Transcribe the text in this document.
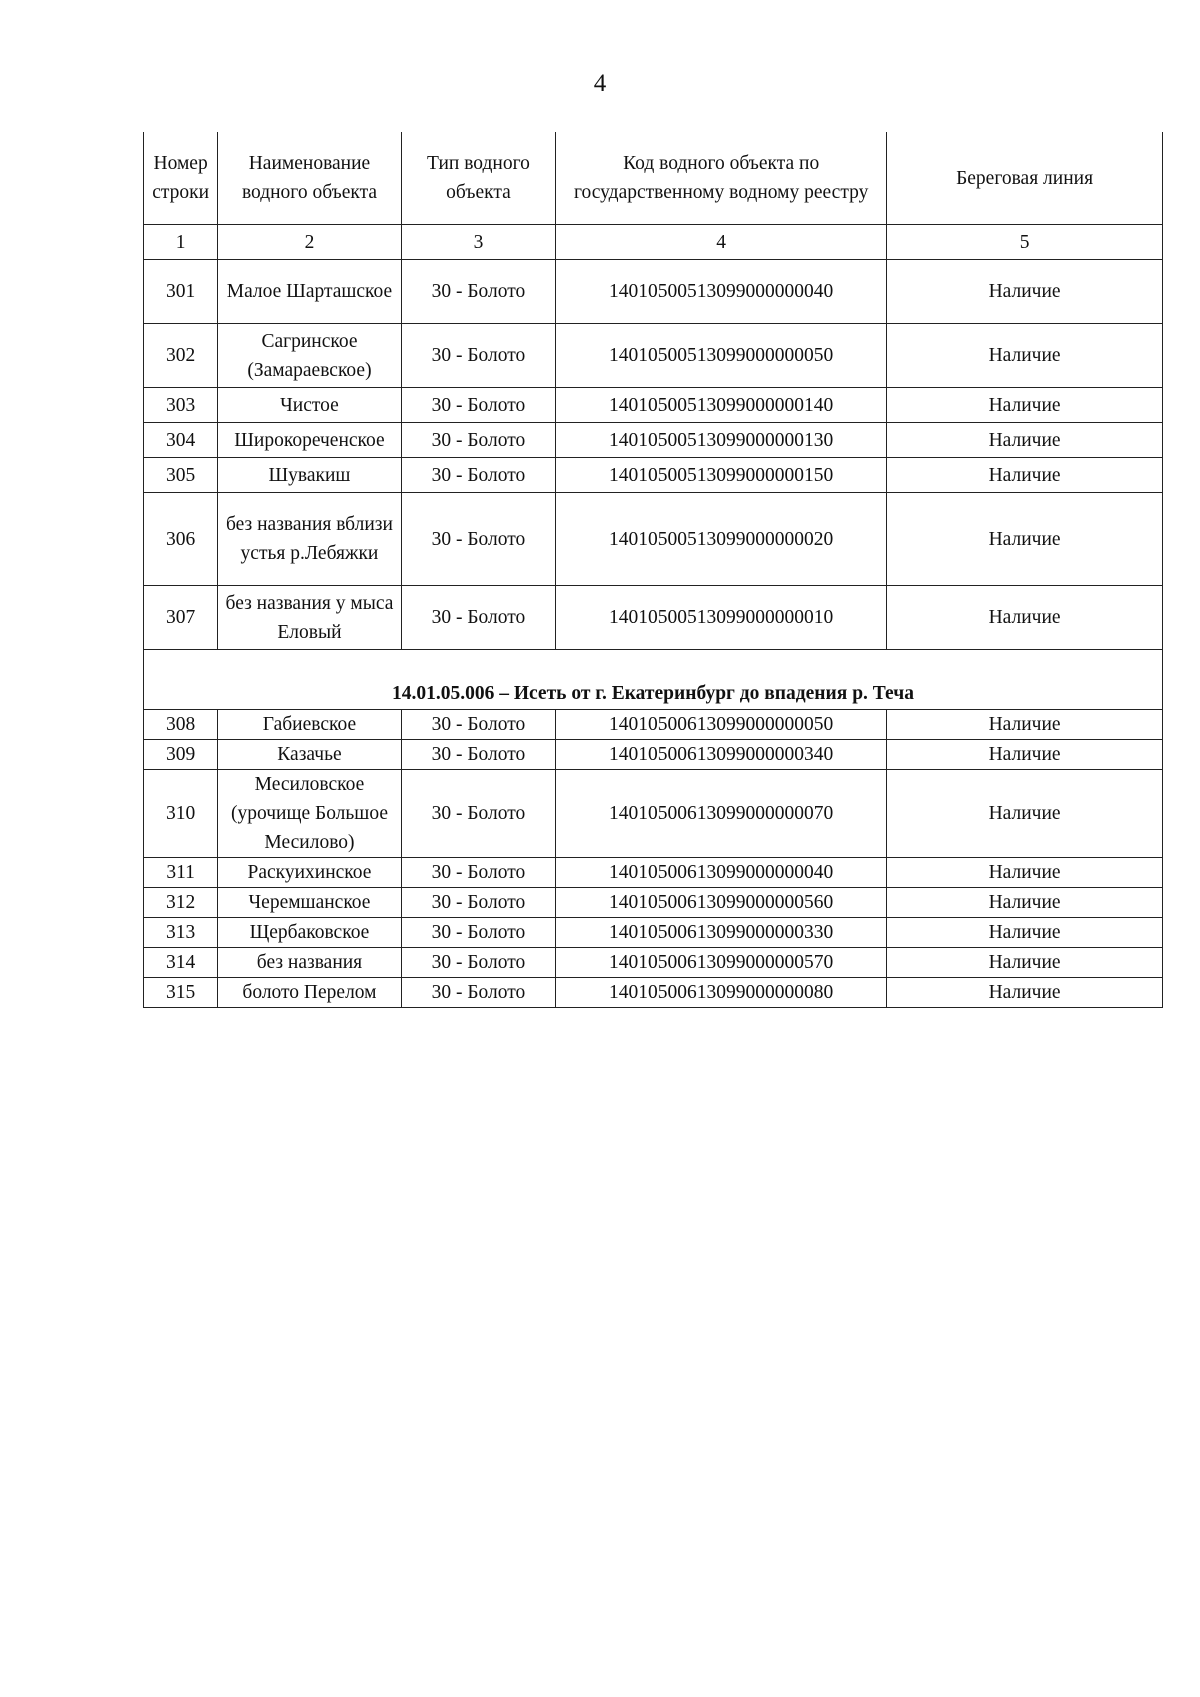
4
Номер строки	Наименование водного объекта	Тип водного объекта	Код водного объекта по государственному водному реестру	Береговая линия
1	2	3	4	5
301	Малое Шарташское	30 - Болото	14010500513099000000040	Наличие
302	Сагринское (Замараевское)	30 - Болото	14010500513099000000050	Наличие
303	Чистое	30 - Болото	14010500513099000000140	Наличие
304	Широкореченское	30 - Болото	14010500513099000000130	Наличие
305	Шувакиш	30 - Болото	14010500513099000000150	Наличие
306	без названия вблизи устья р.Лебяжки	30 - Болото	14010500513099000000020	Наличие
307	без названия у мыса Еловый	30 - Болото	14010500513099000000010	Наличие
14.01.05.006 – Исеть от г. Екатеринбург до впадения р. Теча				
308	Габиевское	30 - Болото	14010500613099000000050	Наличие
309	Казачье	30 - Болото	14010500613099000000340	Наличие
310	Месиловское (урочище Большое Месилово)	30 - Болото	14010500613099000000070	Наличие
311	Раскуихинское	30 - Болото	14010500613099000000040	Наличие
312	Черемшанское	30 - Болото	14010500613099000000560	Наличие
313	Щербаковское	30 - Болото	14010500613099000000330	Наличие
314	без названия	30 - Болото	14010500613099000000570	Наличие
315	болото Перелом	30 - Болото	14010500613099000000080	Наличие
